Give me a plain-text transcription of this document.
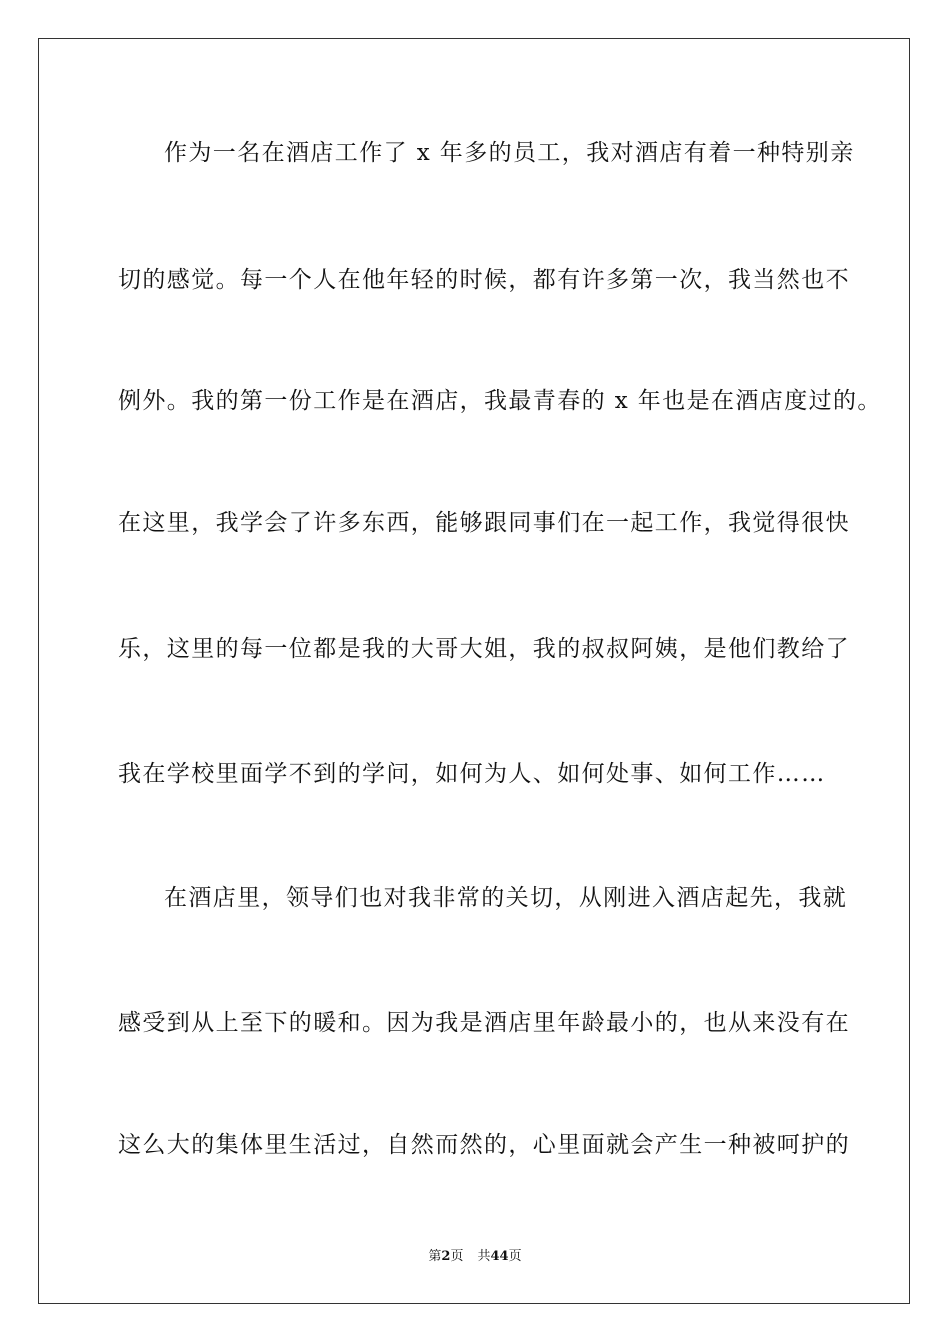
作为一名在酒店工作了 x 年多的员工，我对酒店有着一种特别亲
切的感觉。每一个人在他年轻的时候，都有许多第一次，我当然也不
例外。我的第一份工作是在酒店，我最青春的 x 年也是在酒店度过的。
在这里，我学会了许多东西，能够跟同事们在一起工作，我觉得很快
乐，这里的每一位都是我的大哥大姐，我的叔叔阿姨，是他们教给了
我在学校里面学不到的学问，如何为人、如何处事、如何工作……
在酒店里，领导们也对我非常的关切，从刚进入酒店起先，我就
感受到从上至下的暖和。因为我是酒店里年龄最小的，也从来没有在
这么大的集体里生活过，自然而然的，心里面就会产生一种被呵护的
第2页 共44页
